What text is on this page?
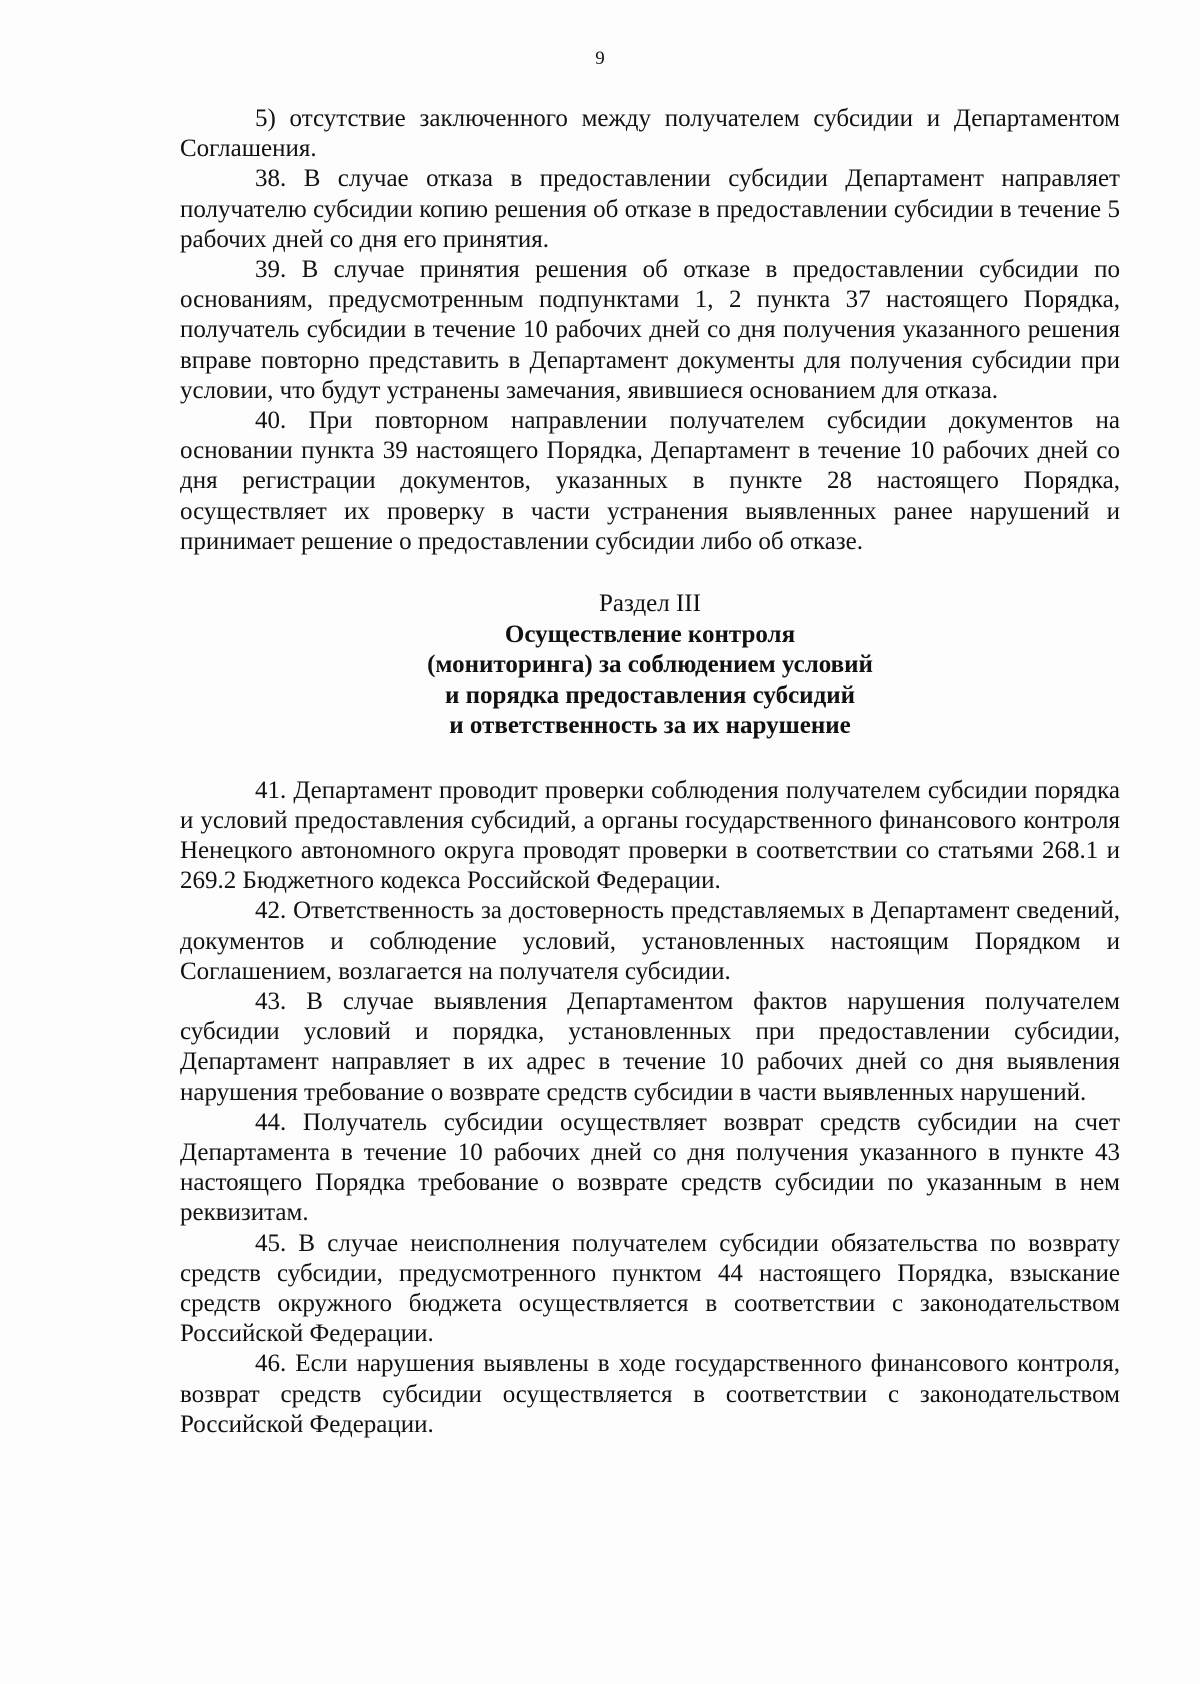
9

5) отсутствие заключенного между получателем субсидии и Департаментом Соглашения.

38. В случае отказа в предоставлении субсидии Департамент направляет получателю субсидии копию решения об отказе в предоставлении субсидии в течение 5 рабочих дней со дня его принятия.

39. В случае принятия решения об отказе в предоставлении субсидии по основаниям, предусмотренным подпунктами 1, 2 пункта 37 настоящего Порядка, получатель субсидии в течение 10 рабочих дней со дня получения указанного решения вправе повторно представить в Департамент документы для получения субсидии при условии, что будут устранены замечания, явившиеся основанием для отказа.

40. При повторном направлении получателем субсидии документов на основании пункта 39 настоящего Порядка, Департамент в течение 10 рабочих дней со дня регистрации документов, указанных в пункте 28 настоящего Порядка, осуществляет их проверку в части устранения выявленных ранее нарушений и принимает решение о предоставлении субсидии либо об отказе.

Раздел III
Осуществление контроля
(мониторинга) за соблюдением условий
и порядка предоставления субсидий
и ответственность за их нарушение

41. Департамент проводит проверки соблюдения получателем субсидии порядка и условий предоставления субсидий, а органы государственного финансового контроля Ненецкого автономного округа проводят проверки в соответствии со статьями 268.1 и 269.2 Бюджетного кодекса Российской Федерации.

42. Ответственность за достоверность представляемых в Департамент сведений, документов и соблюдение условий, установленных настоящим Порядком и Соглашением, возлагается на получателя субсидии.

43. В случае выявления Департаментом фактов нарушения получателем субсидии условий и порядка, установленных при предоставлении субсидии, Департамент направляет в их адрес в течение 10 рабочих дней со дня выявления нарушения требование о возврате средств субсидии в части выявленных нарушений.

44. Получатель субсидии осуществляет возврат средств субсидии на счет Департамента в течение 10 рабочих дней со дня получения указанного в пункте 43 настоящего Порядка требование о возврате средств субсидии по указанным в нем реквизитам.

45. В случае неисполнения получателем субсидии обязательства по возврату средств субсидии, предусмотренного пунктом 44 настоящего Порядка, взыскание средств окружного бюджета осуществляется в соответствии с законодательством Российской Федерации.

46. Если нарушения выявлены в ходе государственного финансового контроля, возврат средств субсидии осуществляется в соответствии с законодательством Российской Федерации.
